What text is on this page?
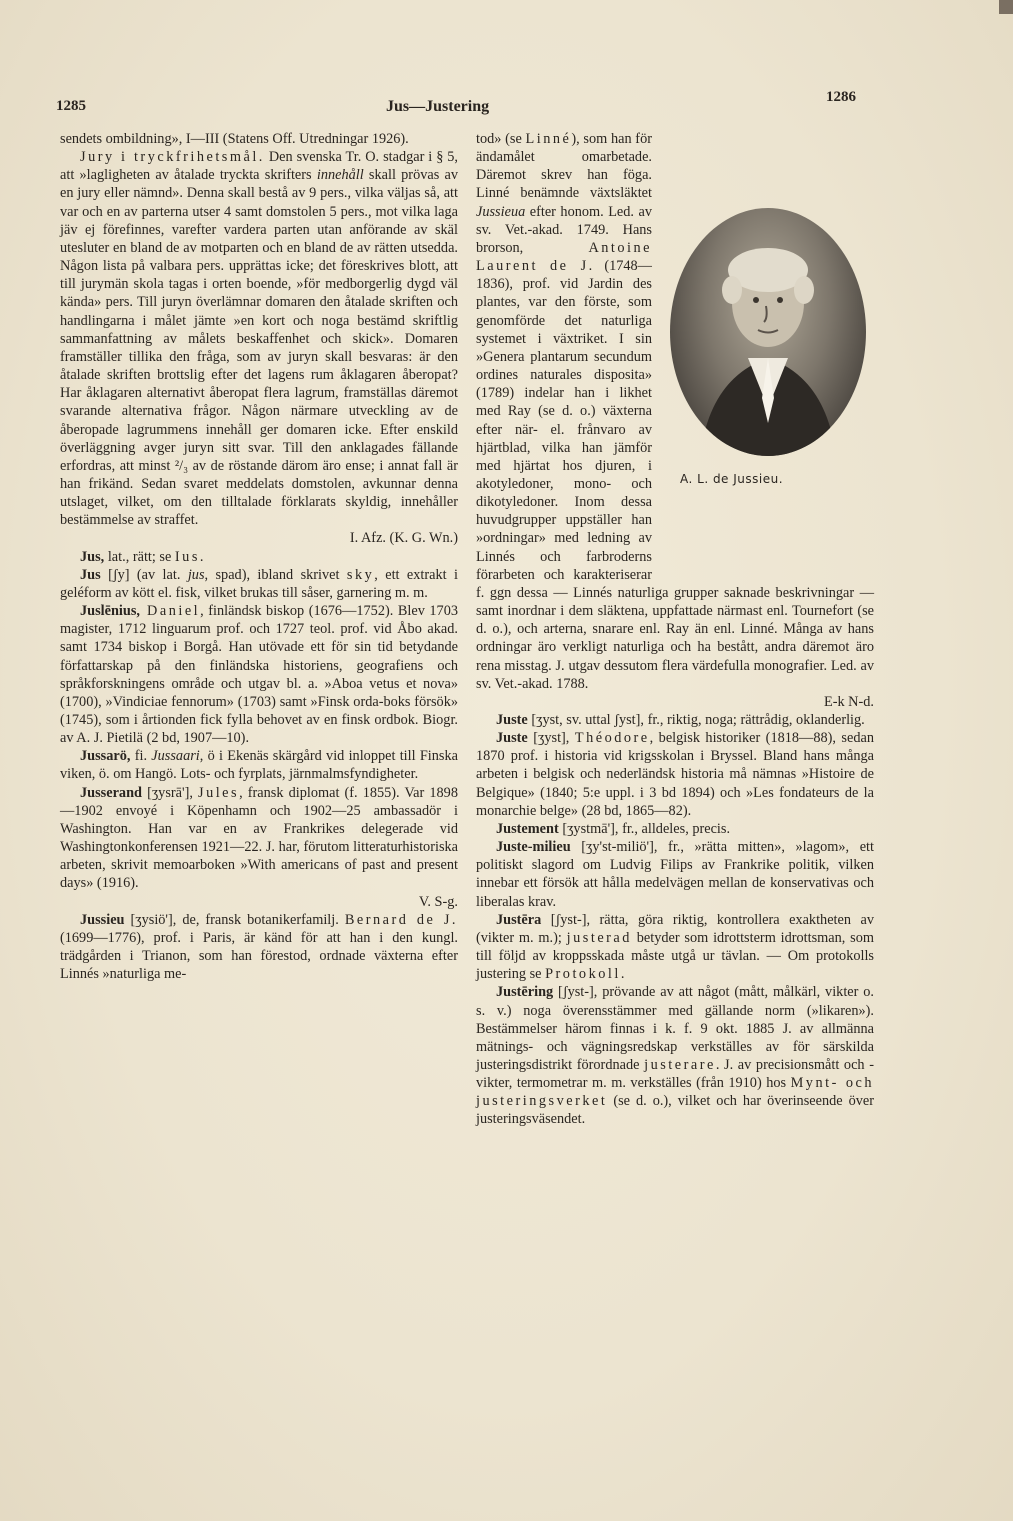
1285	Jus—Justering
1286

sendets ombildning», I—III (Statens Off. Utredningar 1926).

Jury i tryckfrihetsmål. Den svenska Tr. O. stadgar i § 5, att »lagligheten av åtalade tryckta skrifters innehåll skall prövas av en jury eller nämnd». Denna skall bestå av 9 pers., vilka väljas så, att var och en av parterna utser 4 samt domstolen 5 pers., mot vilka laga jäv ej förefinnes, varefter vardera parten utan anförande av skäl utesluter en bland de av motparten och en bland de av rätten utsedda. Någon lista på valbara pers. upprättas icke; det föreskrives blott, att till jurymän skola tagas i orten boende, »för medborgerlig dygd väl kända» pers. Till juryn överlämnar domaren den åtalade skriften och handlingarna i målet jämte »en kort och noga bestämd skriftlig sammanfattning av målets beskaffenhet och skick». Domaren framställer tillika den fråga, som av juryn skall besvaras: är den åtalade skriften brottslig efter det lagens rum åklagaren åberopat? Har åklagaren alternativt åberopat flera lagrum, framställas däremot svarande alternativa frågor. Någon närmare utveckling av de åberopade lagrummens innehåll ger domaren icke. Efter enskild överläggning avger juryn sitt svar. Till den anklagades fällande erfordras, att minst ²/₃ av de röstande därom äro ense; i annat fall är han frikänd. Sedan svaret meddelats domstolen, avkunnar denna utslaget, vilket, om den tilltalade förklarats skyldig, innehåller bestämmelse av straffet.
I. Afz. (K. G. Wn.)

Jus, lat., rätt; se Ius.

Jus [ʃy] (av lat. jus, spad), ibland skrivet sky, ett extrakt i geléform av kött el. fisk, vilket brukas till såser, garnering m. m.

Juslēnius, Daniel, finländsk biskop (1676—1752). Blev 1703 magister, 1712 linguarum prof. och 1727 teol. prof. vid Åbo akad. samt 1734 biskop i Borgå. Han utövade ett för sin tid betydande författarskap på den finländska historiens, geografiens och språkforskningens område och utgav bl. a. »Aboa vetus et nova» (1700), »Vindiciae fennorum» (1703) samt »Finsk orda-boks försök» (1745), som i årtionden fick fylla behovet av en finsk ordbok. Biogr. av A. J. Pietilä (2 bd, 1907—10).

Jussarö, fi. Jussaari, ö i Ekenäs skärgård vid inloppet till Finska viken, ö. om Hangö. Lots- och fyrplats, järnmalmsfyndigheter.

Jusserand [ʒysrā'], Jules, fransk diplomat (f. 1855). Var 1898—1902 envoyé i Köpenhamn och 1902—25 ambassadör i Washington. Han var en av Frankrikes delegerade vid Washingtonkonferensen 1921—22. J. har, förutom litteraturhistoriska arbeten, skrivit memoarboken »With americans of past and present days» (1916).
V. S-g.

Jussieu [ʒysiö'], de, fransk botanikerfamilj. Bernard de J. (1699—1776), prof. i Paris, är känd för att han i den kungl. trädgården i Trianon, som han förestod, ordnade växterna efter Linnés »naturliga me-

A. L. de Jussieu.

tod» (se Linné), som han för ändamålet omarbetade. Däremot skrev han föga. Linné benämnde växtsläktet Jussieua efter honom. Led. av sv. Vet.-akad. 1749. Hans brorson, Antoine Laurent de J. (1748—1836), prof. vid Jardin des plantes, var den förste, som genomförde det naturliga systemet i växtriket. I sin »Genera plantarum secundum ordines naturales disposita» (1789) indelar han i likhet med Ray (se d. o.) växterna efter när- el. frånvaro av hjärtblad, vilka han jämför med hjärtat hos djuren, i akotyledoner, mono- och dikotyledoner. Inom dessa huvudgrupper uppställer han »ordningar» med ledning av Linnés och farbroderns förarbeten och karakteriserar f. ggn dessa — Linnés naturliga grupper saknade beskrivningar — samt inordnar i dem släktena, uppfattade närmast enl. Tournefort (se d. o.), och arterna, snarare enl. Ray än enl. Linné. Många av hans ordningar äro verkligt naturliga och ha bestått, andra däremot äro rena misstag. J. utgav dessutom flera värdefulla monografier. Led. av sv. Vet.-akad. 1788.
E-k N-d.

Juste [ʒyst, sv. uttal ʃyst], fr., riktig, noga; rättrådig, oklanderlig.

Juste [ʒyst], Théodore, belgisk historiker (1818—88), sedan 1870 prof. i historia vid krigsskolan i Bryssel. Bland hans många arbeten i belgisk och nederländsk historia må nämnas »Histoire de Belgique» (1840; 5:e uppl. i 3 bd 1894) och »Les fondateurs de la monarchie belge» (28 bd, 1865—82).

Justement [ʒystmā'], fr., alldeles, precis.

Juste-milieu [ʒy'st-miliö'], fr., »rätta mitten», »lagom», ett politiskt slagord om Ludvig Filips av Frankrike politik, vilken innebar ett försök att hålla medelvägen mellan de konservativas och liberalas krav.

Justēra [ʃyst-], rätta, göra riktig, kontrollera exaktheten av (vikter m. m.); justerad betyder som idrottsterm idrottsman, som till följd av kroppsskada måste utgå ur tävlan. — Om protokolls justering se Protokoll.

Justēring [ʃyst-], prövande av att något (mått, målkärl, vikter o. s. v.) noga överensstämmer med gällande norm (»likaren»). Bestämmelser härom finnas i k. f. 9 okt. 1885 J. av allmänna mätnings- och vägningsredskap verkställes av för särskilda justeringsdistrikt förordnade justerare. J. av precisionsmått och -vikter, termometrar m. m. verkställes (från 1910) hos Mynt- och justeringsverket (se d. o.), vilket och har överinseende över justeringsväsendet.
